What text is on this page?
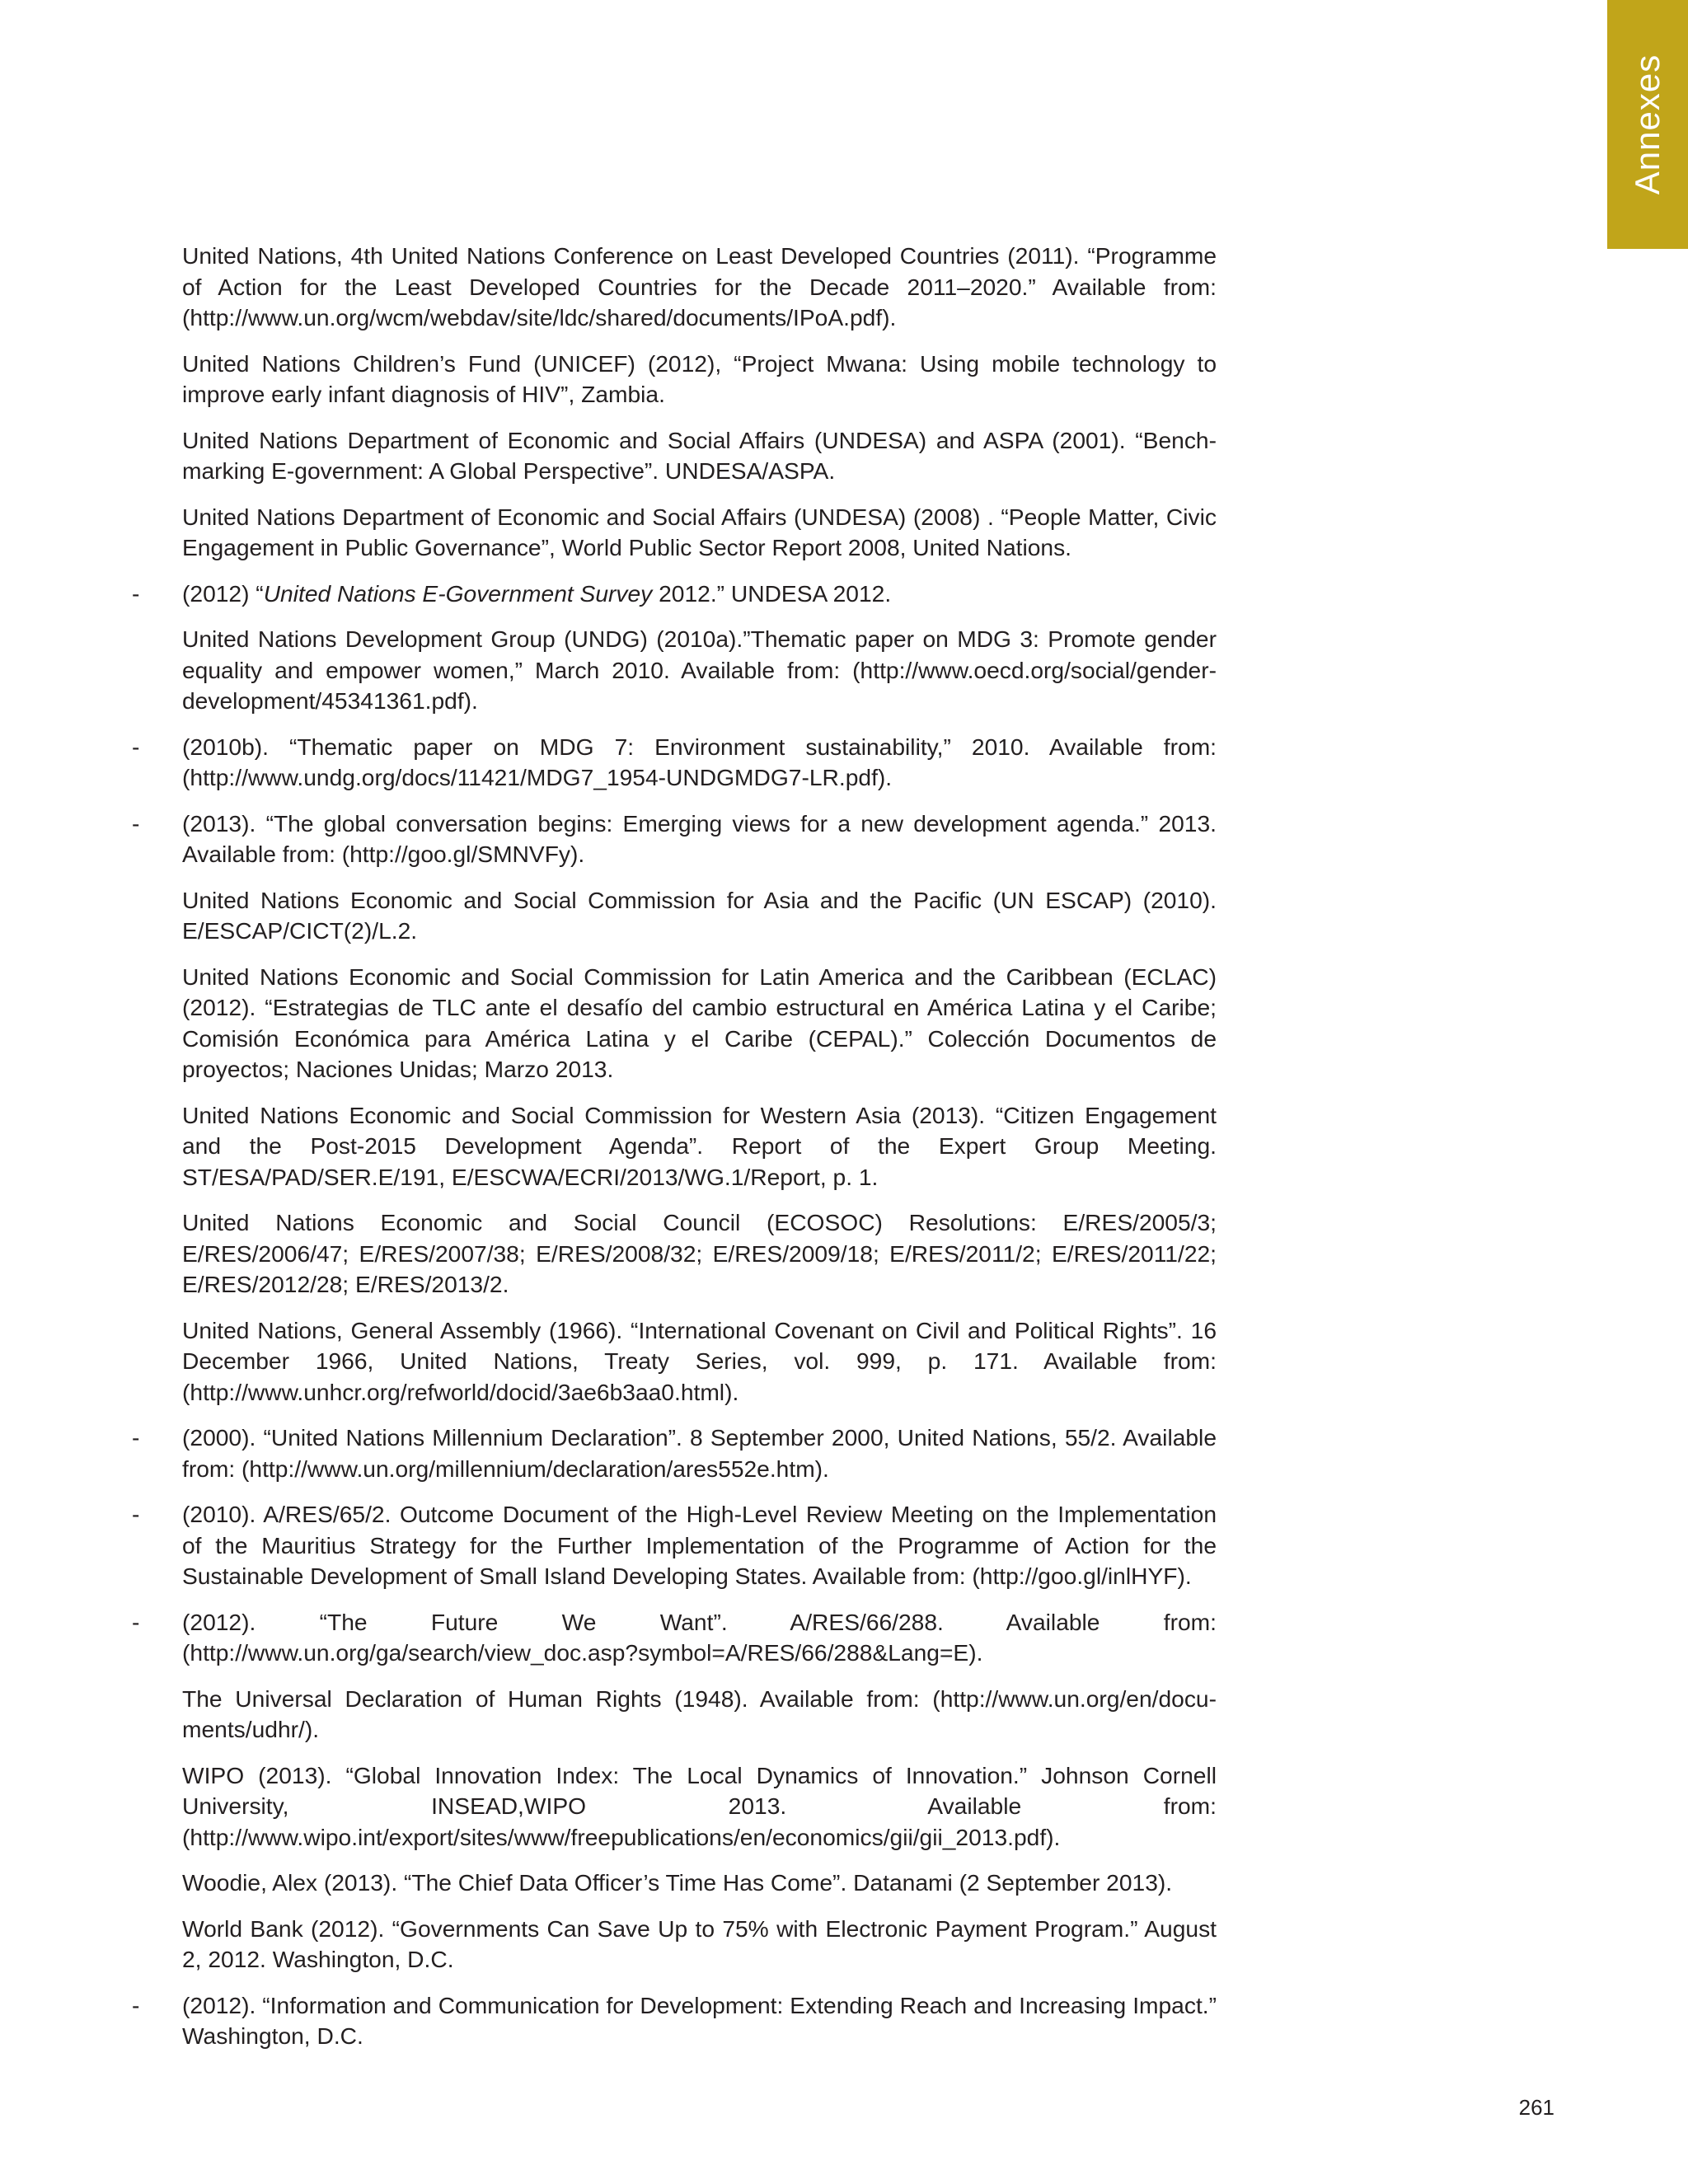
Annexes

United Nations, 4th United Nations Conference on Least Developed Countries (2011). “Programme of Action for the Least Developed Countries for the Decade 2011–2020.” Available from: (http://www.un.org/wcm/webdav/site/ldc/shared/documents/IPoA.pdf).

United Nations Children’s Fund (UNICEF) (2012), “Project Mwana: Using mobile technology to improve early infant diagnosis of HIV”, Zambia.

United Nations Department of Economic and Social Affairs (UNDESA) and ASPA (2001). “Benchmarking E-government: A Global Perspective”. UNDESA/ASPA.

United Nations Department of Economic and Social Affairs (UNDESA) (2008) . “People Matter, Civic Engagement in Public Governance”, World Public Sector Report 2008, United Nations.

- (2012) “United Nations E-Government Survey 2012.” UNDESA 2012.

United Nations Development Group (UNDG) (2010a).”Thematic paper on MDG 3: Promote gender equality and empower women,” March 2010. Available from: (http://www.oecd.org/social/gender-development/45341361.pdf).

- (2010b). “Thematic paper on MDG 7: Environment sustainability,” 2010. Available from: (http://www.undg.org/docs/11421/MDG7_1954-UNDGMDG7-LR.pdf).

- (2013). “The global conversation begins: Emerging views for a new development agenda.” 2013. Available from: (http://goo.gl/SMNVFy).

United Nations Economic and Social Commission for Asia and the Pacific (UN ESCAP) (2010). E/ESCAP/CICT(2)/L.2.

United Nations Economic and Social Commission for Latin America and the Caribbean (ECLAC) (2012). “Estrategias de TLC ante el desafío del cambio estructural en América Latina y el Caribe; Comisión Económica para América Latina y el Caribe (CEPAL).” Colección Documentos de proyectos; Naciones Unidas; Marzo 2013.

United Nations Economic and Social Commission for Western Asia (2013). “Citizen Engagement and the Post-2015 Development Agenda”. Report of the Expert Group Meeting. ST/ESA/PAD/SER.E/191, E/ESCWA/ECRI/2013/WG.1/Report, p. 1.

United Nations Economic and Social Council (ECOSOC) Resolutions: E/RES/2005/3; E/RES/2006/47; E/RES/2007/38; E/RES/2008/32; E/RES/2009/18; E/RES/2011/2; E/RES/2011/22; E/RES/2012/28; E/RES/2013/2.

United Nations, General Assembly (1966). “International Covenant on Civil and Political Rights”. 16 December 1966, United Nations, Treaty Series, vol. 999, p. 171. Available from: (http://www.unhcr.org/refworld/docid/3ae6b3aa0.html).

- (2000). “United Nations Millennium Declaration”. 8 September 2000, United Nations, 55/2. Available from: (http://www.un.org/millennium/declaration/ares552e.htm).

- (2010). A/RES/65/2. Outcome Document of the High-Level Review Meeting on the Implementation of the Mauritius Strategy for the Further Implementation of the Programme of Action for the Sustainable Development of Small Island Developing States. Available from: (http://goo.gl/inlHYF).

- (2012). “The Future We Want”. A/RES/66/288. Available from: (http://www.un.org/ga/search/view_doc.asp?symbol=A/RES/66/288&Lang=E).

The Universal Declaration of Human Rights (1948). Available from: (http://www.un.org/en/documents/udhr/).

WIPO (2013). “Global Innovation Index: The Local Dynamics of Innovation.” Johnson Cornell University, INSEAD,WIPO 2013. Available from: (http://www.wipo.int/export/sites/www/freepublications/en/economics/gii/gii_2013.pdf).

Woodie, Alex (2013). “The Chief Data Officer’s Time Has Come”. Datanami (2 September 2013).

World Bank (2012). “Governments Can Save Up to 75% with Electronic Payment Program.” August 2, 2012. Washington, D.C.

- (2012). “Information and Communication for Development: Extending Reach and Increasing Impact.” Washington, D.C.

261
